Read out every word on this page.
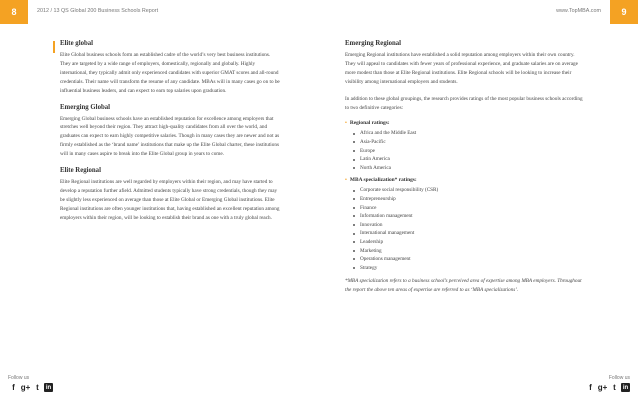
8	2012 / 13 QS Global 200 Business Schools Report	www.TopMBA.com	9
Elite global

Elite Global business schools form an established cadre of the world’s very best business institutions. They are targeted by a wide range of employers, domestically, regionally and globally. Highly international, they typically admit only experienced candidates with superior GMAT scores and all-round credentials. Their name will transform the resume of any candidate. MBAs will in many cases go on to be influential business leaders, and can expect to earn top salaries upon graduation.

Emerging Global

Emerging Global business schools have an established reputation for excellence among employers that stretches well beyond their region. They attract high-quality candidates from all over the world, and graduates can expect to earn highly competitive salaries. Though in many cases they are newer and not as firmly established as the ‘brand name’ institutions that make up the Elite Global charter, these institutions will in many cases aspire to break into the Elite Global group in years to come.

Elite Regional

Elite Regional institutions are well regarded by employers within their region, and may have started to develop a reputation further afield. Admitted students typically have strong credentials, though they may be slightly less experienced on average than those at Elite Global or Emerging Global institutions. Elite Regional institutions are often younger institutions that, having established an excellent reputation among employers within their region, will be looking to establish their brand as one with a truly global reach.

Emerging Regional

Emerging Regional institutions have established a solid reputation among employers within their own country. They will appeal to candidates with fewer years of professional experience, and graduate salaries are on average more modest than those at Elite Regional institutions. Elite Regional schools will be looking to increase their visibility among international employers and students.

In addition to these global groupings, the research provides ratings of the most popular business schools according to two definitive categories:

• Regional ratings:
Africa and the Middle East
Asia-Pacific
Europe
Latin America
North America
• MBA specialization* ratings:
Corporate social responsibility (CSR)
Entrepreneurship
Finance
Information management
Innovation
International management
Leadership
Marketing
Operations management
Strategy

*MBA specialization refers to a business school’s perceived area of expertise among MBA employers. Throughout the report the above ten areas of expertise are referred to as ‘MBA specializations’.

Follow us
f g+ t	in
Follow us
f g+ t	in
